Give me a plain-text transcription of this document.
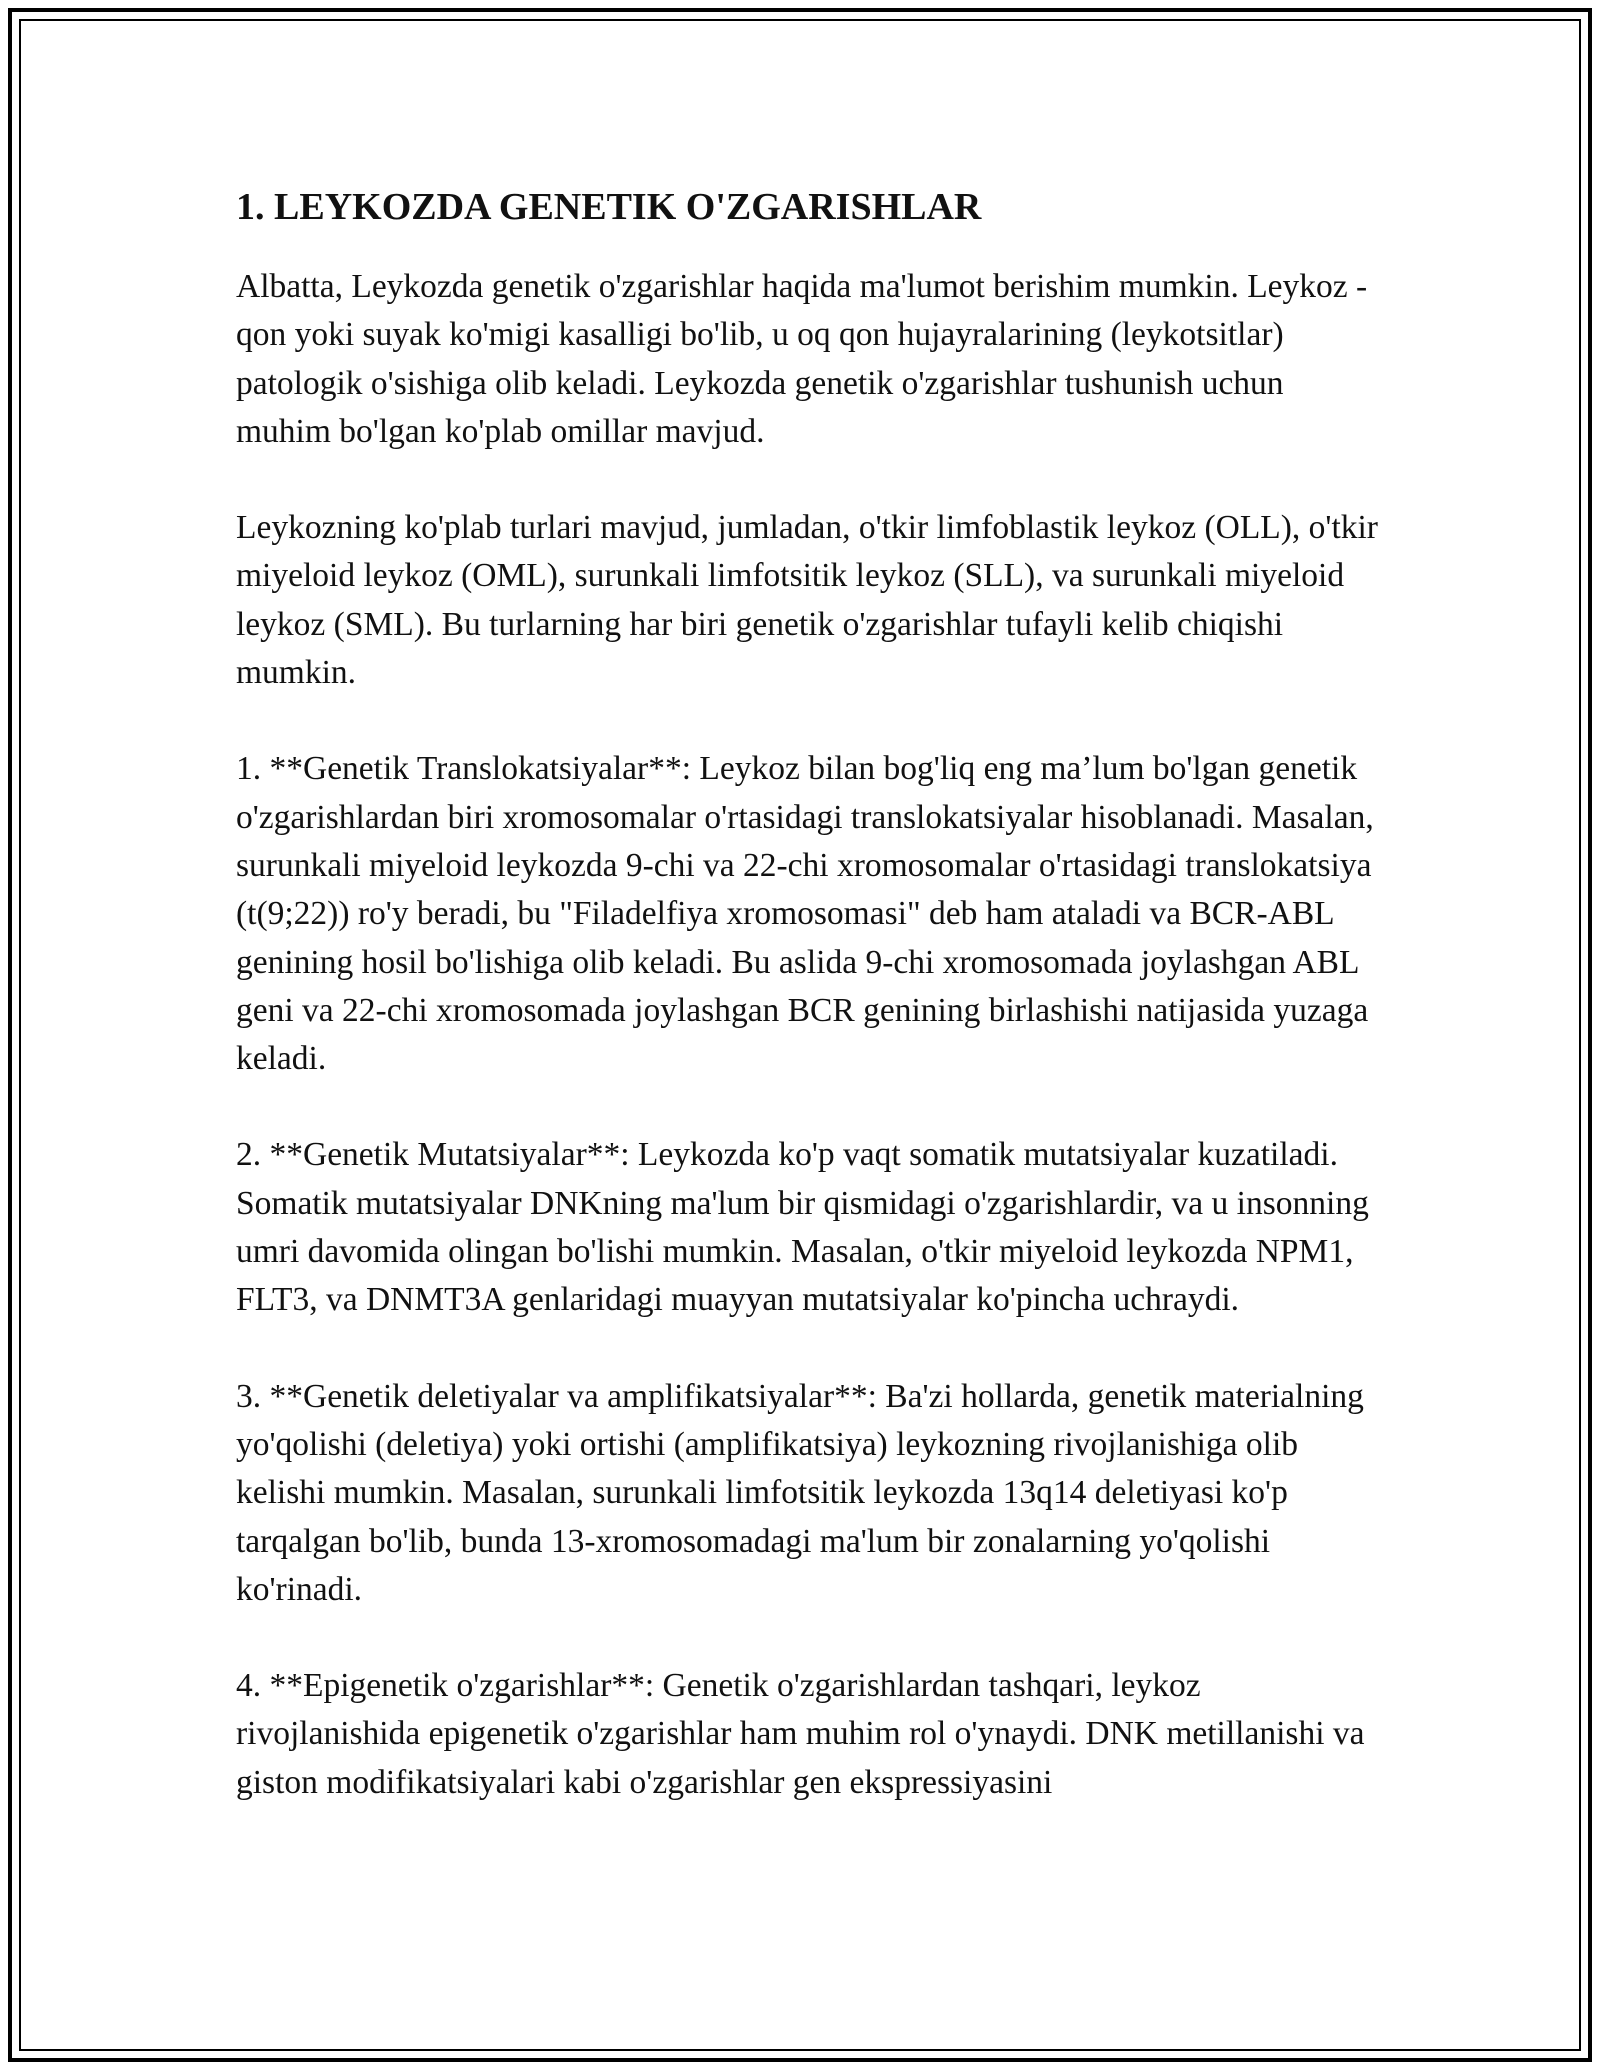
1. LEYKOZDA GENETIK O'ZGARISHLAR

Albatta, Leykozda genetik o'zgarishlar haqida ma'lumot berishim mumkin. Leykoz - qon yoki suyak ko'migi kasalligi bo'lib, u oq qon hujayralarining (leykotsitlar) patologik o'sishiga olib keladi. Leykozda genetik o'zgarishlar tushunish uchun muhim bo'lgan ko'plab omillar mavjud.

Leykozning ko'plab turlari mavjud, jumladan, o'tkir limfoblastik leykoz (OLL), o'tkir miyeloid leykoz (OML), surunkali limfotsitik leykoz (SLL), va surunkali miyeloid leykoz (SML). Bu turlarning har biri genetik o'zgarishlar tufayli kelib chiqishi mumkin.

1. **Genetik Translokatsiyalar**: Leykoz bilan bog'liq eng ma’lum bo'lgan genetik o'zgarishlardan biri xromosomalar o'rtasidagi translokatsiyalar hisoblanadi. Masalan, surunkali miyeloid leykozda 9-chi va 22-chi xromosomalar o'rtasidagi translokatsiya (t(9;22)) ro'y beradi, bu "Filadelfiya xromosomasi" deb ham ataladi va BCR-ABL genining hosil bo'lishiga olib keladi. Bu aslida 9-chi xromosomada joylashgan ABL geni va 22-chi xromosomada joylashgan BCR genining birlashishi natijasida yuzaga keladi.

2. **Genetik Mutatsiyalar**: Leykozda ko'p vaqt somatik mutatsiyalar kuzatiladi. Somatik mutatsiyalar DNKning ma'lum bir qismidagi o'zgarishlardir, va u insonning umri davomida olingan bo'lishi mumkin. Masalan, o'tkir miyeloid leykozda NPM1, FLT3, va DNMT3A genlaridagi muayyan mutatsiyalar ko'pincha uchraydi.

3. **Genetik deletiyalar va amplifikatsiyalar**: Ba'zi hollarda, genetik materialning yo'qolishi (deletiya) yoki ortishi (amplifikatsiya) leykozning rivojlanishiga olib kelishi mumkin. Masalan, surunkali limfotsitik leykozda 13q14 deletiyasi ko'p tarqalgan bo'lib, bunda 13-xromosomadagi ma'lum bir zonalarning yo'qolishi ko'rinadi.

4. **Epigenetik o'zgarishlar**: Genetik o'zgarishlardan tashqari, leykoz rivojlanishida epigenetik o'zgarishlar ham muhim rol o'ynaydi. DNK metillanishi va giston modifikatsiyalari kabi o'zgarishlar gen ekspressiyasini
